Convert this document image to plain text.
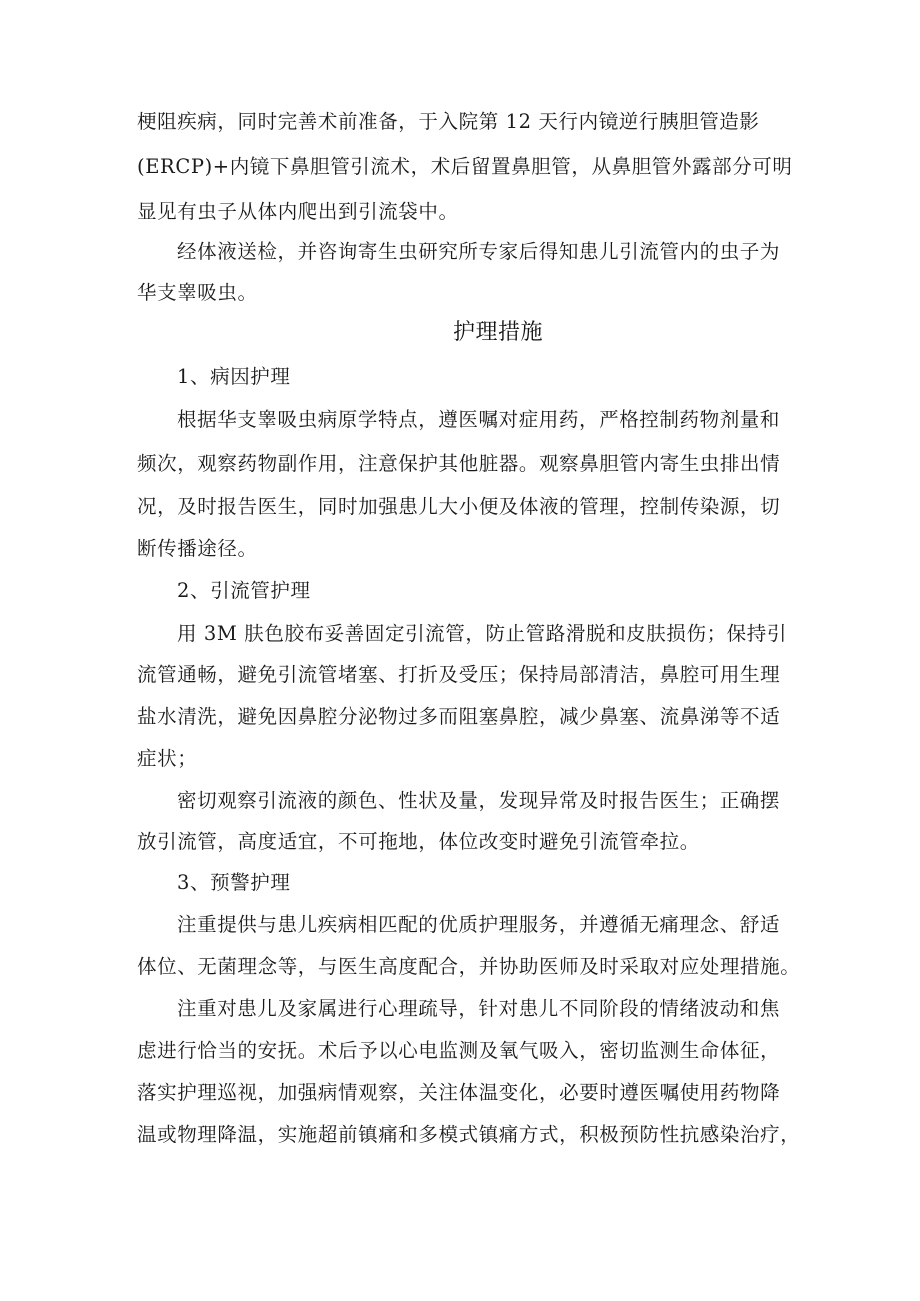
梗阻疾病，同时完善术前准备，于入院第 12 天行内镜逆行胰胆管造影
(ERCP)+内镜下鼻胆管引流术，术后留置鼻胆管，从鼻胆管外露部分可明
显见有虫子从体内爬出到引流袋中。
经体液送检，并咨询寄生虫研究所专家后得知患儿引流管内的虫子为
华支睾吸虫。
护理措施
1、病因护理
根据华支睾吸虫病原学特点，遵医嘱对症用药，严格控制药物剂量和
频次，观察药物副作用，注意保护其他脏器。观察鼻胆管内寄生虫排出情
况，及时报告医生，同时加强患儿大小便及体液的管理，控制传染源，切
断传播途径。
2、引流管护理
用 3M 肤色胶布妥善固定引流管，防止管路滑脱和皮肤损伤；保持引
流管通畅，避免引流管堵塞、打折及受压；保持局部清洁，鼻腔可用生理
盐水清洗，避免因鼻腔分泌物过多而阻塞鼻腔，减少鼻塞、流鼻涕等不适
症状；
密切观察引流液的颜色、性状及量，发现异常及时报告医生；正确摆
放引流管，高度适宜，不可拖地，体位改变时避免引流管牵拉。
3、预警护理
注重提供与患儿疾病相匹配的优质护理服务，并遵循无痛理念、舒适
体位、无菌理念等，与医生高度配合，并协助医师及时采取对应处理措施。
注重对患儿及家属进行心理疏导，针对患儿不同阶段的情绪波动和焦
虑进行恰当的安抚。术后予以心电监测及氧气吸入，密切监测生命体征，
落实护理巡视，加强病情观察，关注体温变化，必要时遵医嘱使用药物降
温或物理降温，实施超前镇痛和多模式镇痛方式，积极预防性抗感染治疗，
